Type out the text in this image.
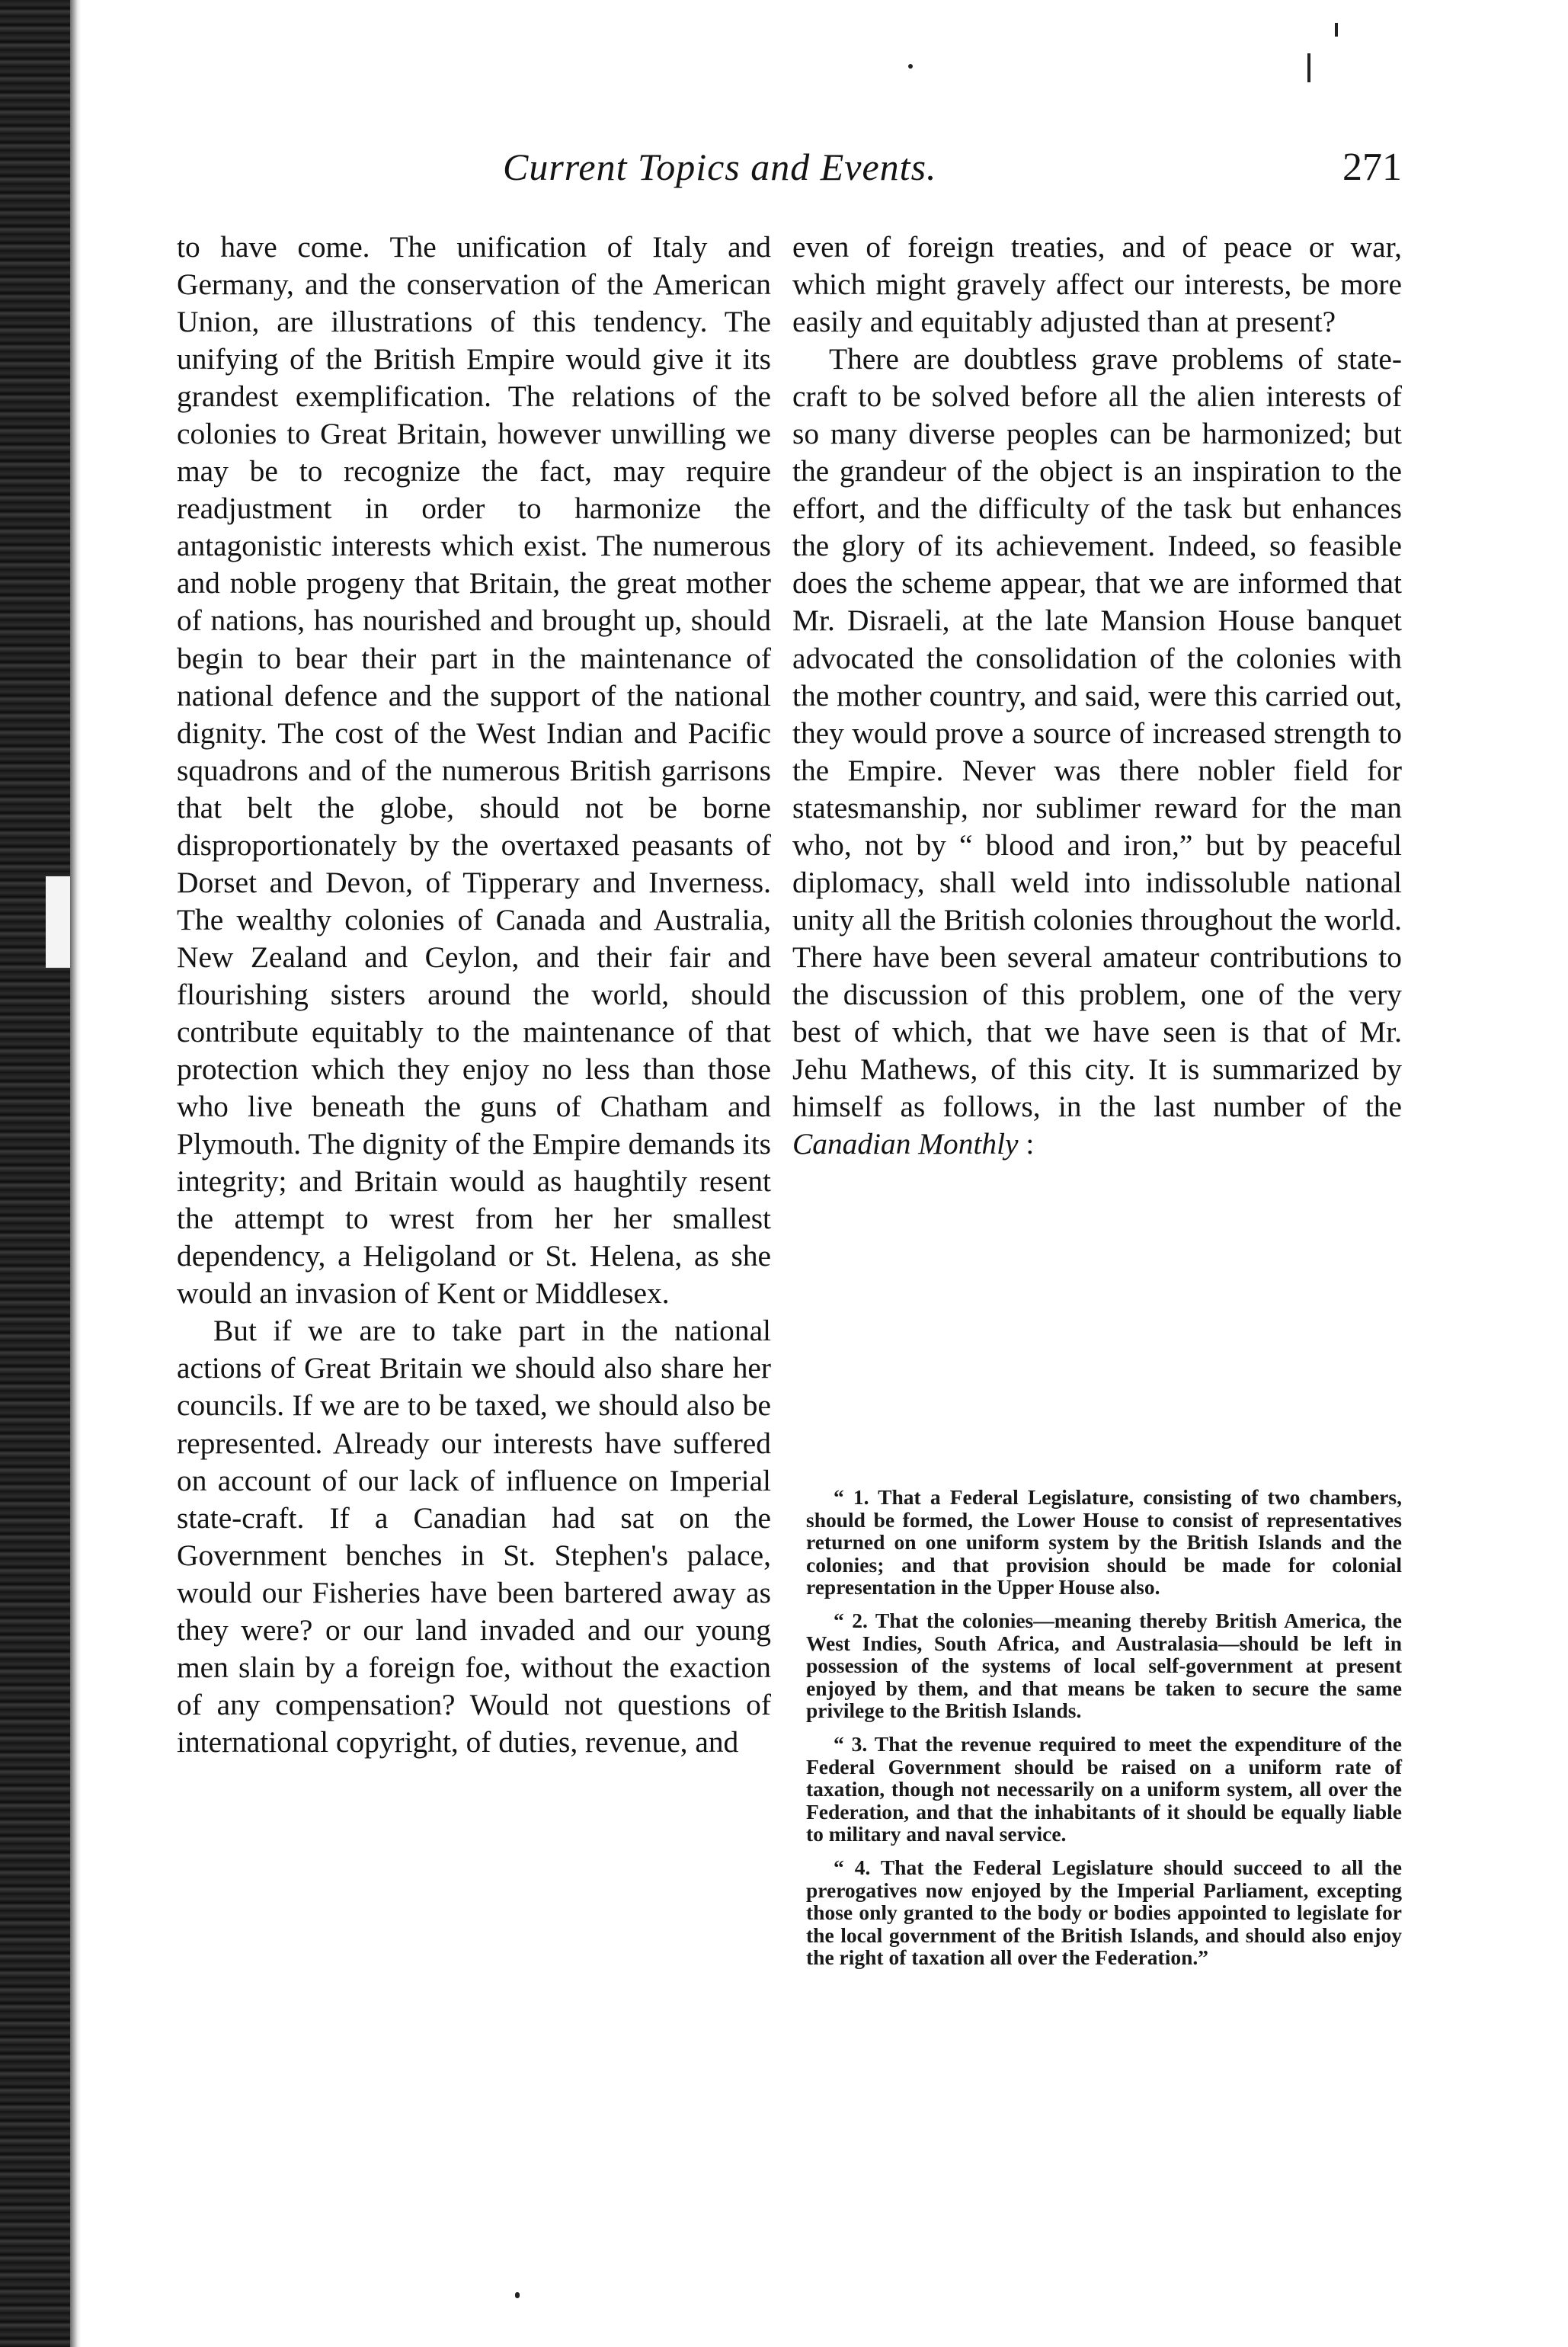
Current Topics and Events.	271

to have come. The unification of Italy and Germany, and the conservation of the American Union, are illustrations of this tendency. The unifying of the British Empire would give it its grandest exemplification. The relations of the colonies to Great Britain, however unwilling we may be to recognize the fact, may require readjustment in order to harmonize the antagonistic interests which exist. The numerous and noble progeny that Britain, the great mother of nations, has nourished and brought up, should begin to bear their part in the maintenance of national defence and the support of the national dignity. The cost of the West Indian and Pacific squadrons and of the numerous British garrisons that belt the globe, should not be borne disproportionately by the overtaxed peasants of Dorset and Devon, of Tipperary and Inverness. The wealthy colonies of Canada and Australia, New Zealand and Ceylon, and their fair and flourishing sisters around the world, should contribute equitably to the maintenance of that protection which they enjoy no less than those who live beneath the guns of Chatham and Plymouth. The dignity of the Empire demands its integrity; and Britain would as haughtily resent the attempt to wrest from her her smallest dependency, a Heligoland or St. Helena, as she would an invasion of Kent or Middlesex.

But if we are to take part in the national actions of Great Britain we should also share her councils. If we are to be taxed, we should also be represented. Already our interests have suffered on account of our lack of influence on Imperial state-craft. If a Canadian had sat on the Government benches in St. Stephen's palace, would our Fisheries have been bartered away as they were? or our land invaded and our young men slain by a foreign foe, without the exaction of any compensation? Would not questions of international copyright, of duties, revenue, and

even of foreign treaties, and of peace or war, which might gravely affect our interests, be more easily and equitably adjusted than at present?

There are doubtless grave problems of state-craft to be solved before all the alien interests of so many diverse peoples can be harmonized; but the grandeur of the object is an inspiration to the effort, and the difficulty of the task but enhances the glory of its achievement. Indeed, so feasible does the scheme appear, that we are informed that Mr. Disraeli, at the late Mansion House banquet advocated the consolidation of the colonies with the mother country, and said, were this carried out, they would prove a source of increased strength to the Empire. Never was there nobler field for statesmanship, nor sublimer reward for the man who, not by “ blood and iron,” but by peaceful diplomacy, shall weld into indissoluble national unity all the British colonies throughout the world. There have been several amateur contributions to the discussion of this problem, one of the very best of which, that we have seen is that of Mr. Jehu Mathews, of this city. It is summarized by himself as follows, in the last number of the Canadian Monthly :

“ 1. That a Federal Legislature, consisting of two chambers, should be formed, the Lower House to consist of representatives returned on one uniform system by the British Islands and the colonies; and that provision should be made for colonial representation in the Upper House also.

“ 2. That the colonies—meaning thereby British America, the West Indies, South Africa, and Australasia—should be left in possession of the systems of local self-government at present enjoyed by them, and that means be taken to secure the same privilege to the British Islands.

“ 3. That the revenue required to meet the expenditure of the Federal Government should be raised on a uniform rate of taxation, though not necessarily on a uniform system, all over the Federation, and that the inhabitants of it should be equally liable to military and naval service.

“ 4. That the Federal Legislature should succeed to all the prerogatives now enjoyed by the Imperial Parliament, excepting those only granted to the body or bodies appointed to legislate for the local government of the British Islands, and should also enjoy the right of taxation all over the Federation.”
